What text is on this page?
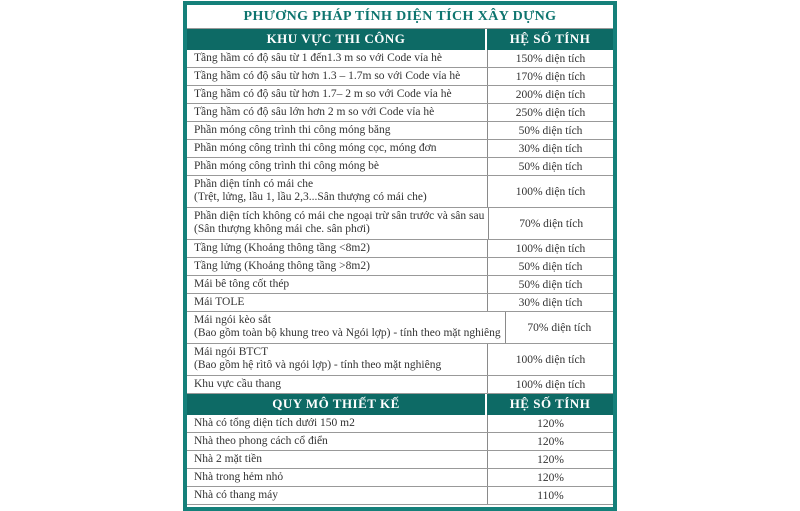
PHƯƠNG PHÁP TÍNH DIỆN TÍCH XÂY DỰNG
KHU VỰC THI CÔNG	HỆ SỐ TÍNH
Tầng hầm có độ sâu từ 1 đến1.3 m so với Code vỉa hè	150% diện tích
Tầng hầm có độ sâu từ hơn 1.3 – 1.7m so với Code vỉa hè	170% diện tích
Tầng hầm có độ sâu từ hơn 1.7– 2 m so với Code vỉa hè	200% diện tích
Tầng hầm có độ sâu lớn hơn 2 m so với Code vỉa hè	250% diện tích
Phần móng công trình thi công móng băng	50% diện tích
Phần móng công trình thi công móng cọc, móng đơn	30% diện tích
Phần móng công trình thi công móng bè	50% diện tích
Phần diện tính có mái che
(Trệt, lửng, lầu 1, lầu 2,3...Sân thượng có mái che)	100% diện tích
Phần diện tích không có mái che ngoại trừ sân trước và sân sau
(Sân thượng không mái che. sân phơi)	70% diện tích
Tầng lửng (Khoảng thông tầng <8m2)	100% diện tích
Tầng lửng (Khoảng thông tầng >8m2)	50% diện tích
Mái bê tông cốt thép	50% diện tích
Mái TOLE	30% diện tích
Mái ngói kèo sắt
(Bao gồm toàn bộ khung treo và Ngói lợp) - tính theo mặt nghiêng	70% diện tích
Mái ngói BTCT
(Bao gồm hệ rìtô và ngói lợp) - tính theo mặt nghiêng	100% diện tích
Khu vực cầu thang	100% diện tích
QUY MÔ THIẾT KẾ	HỆ SỐ TÍNH
Nhà có tổng diện tích dưới 150 m2	120%
Nhà theo phong cách cổ điển	120%
Nhà 2 mặt tiền	120%
Nhà trong hẻm nhỏ	120%
Nhà có thang máy	110%
